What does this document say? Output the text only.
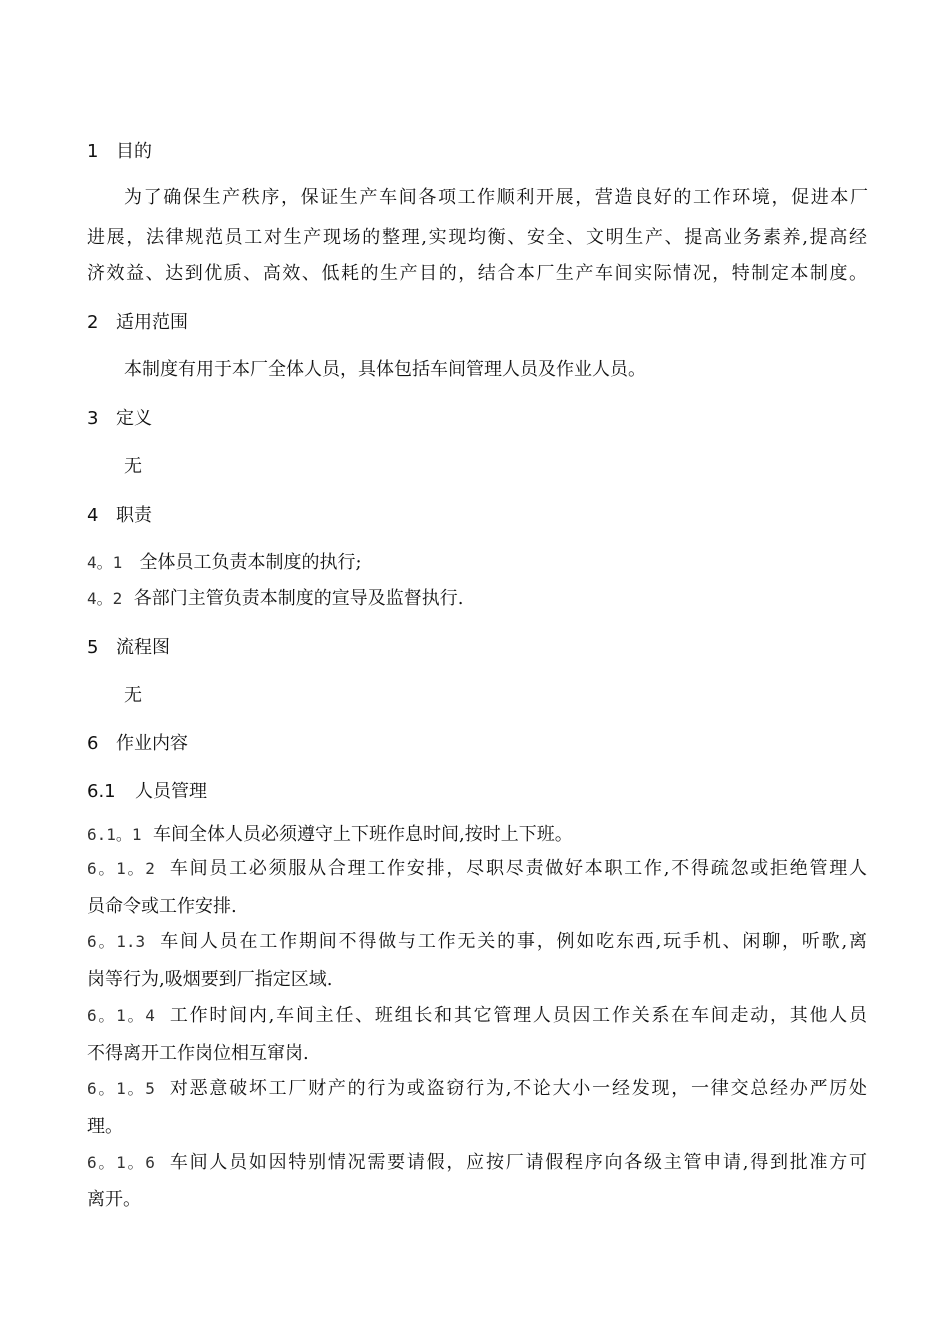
1 目的
为了确保生产秩序，保证生产车间各项工作顺利开展，营造良好的工作环境，促进本厂
进展，法律规范员工对生产现场的整理,实现均衡、安全、文明生产、提高业务素养,提高经
济效益、达到优质、高效、低耗的生产目的，结合本厂生产车间实际情况，特制定本制度。
2 适用范围
本制度有用于本厂全体人员，具体包括车间管理人员及作业人员。
3 定义
无
4 职责
4。1 全体员工负责本制度的执行;
4。2 各部门主管负责本制度的宣导及监督执行.
5 流程图
无
6 作业内容
6.1 人员管理
6.1。1 车间全体人员必须遵守上下班作息时间,按时上下班。
6。1。2 车间员工必须服从合理工作安排，尽职尽责做好本职工作,不得疏忽或拒绝管理人
员命令或工作安排.
6。1.3 车间人员在工作期间不得做与工作无关的事，例如吃东西,玩手机、闲聊，听歌,离
岗等行为,吸烟要到厂指定区域.
6。1。4 工作时间内,车间主任、班组长和其它管理人员因工作关系在车间走动，其他人员
不得离开工作岗位相互窜岗.
6。1。5 对恶意破坏工厂财产的行为或盗窃行为,不论大小一经发现，一律交总经办严厉处
理。
6。1。6 车间人员如因特别情况需要请假，应按厂请假程序向各级主管申请,得到批准方可
离开。
